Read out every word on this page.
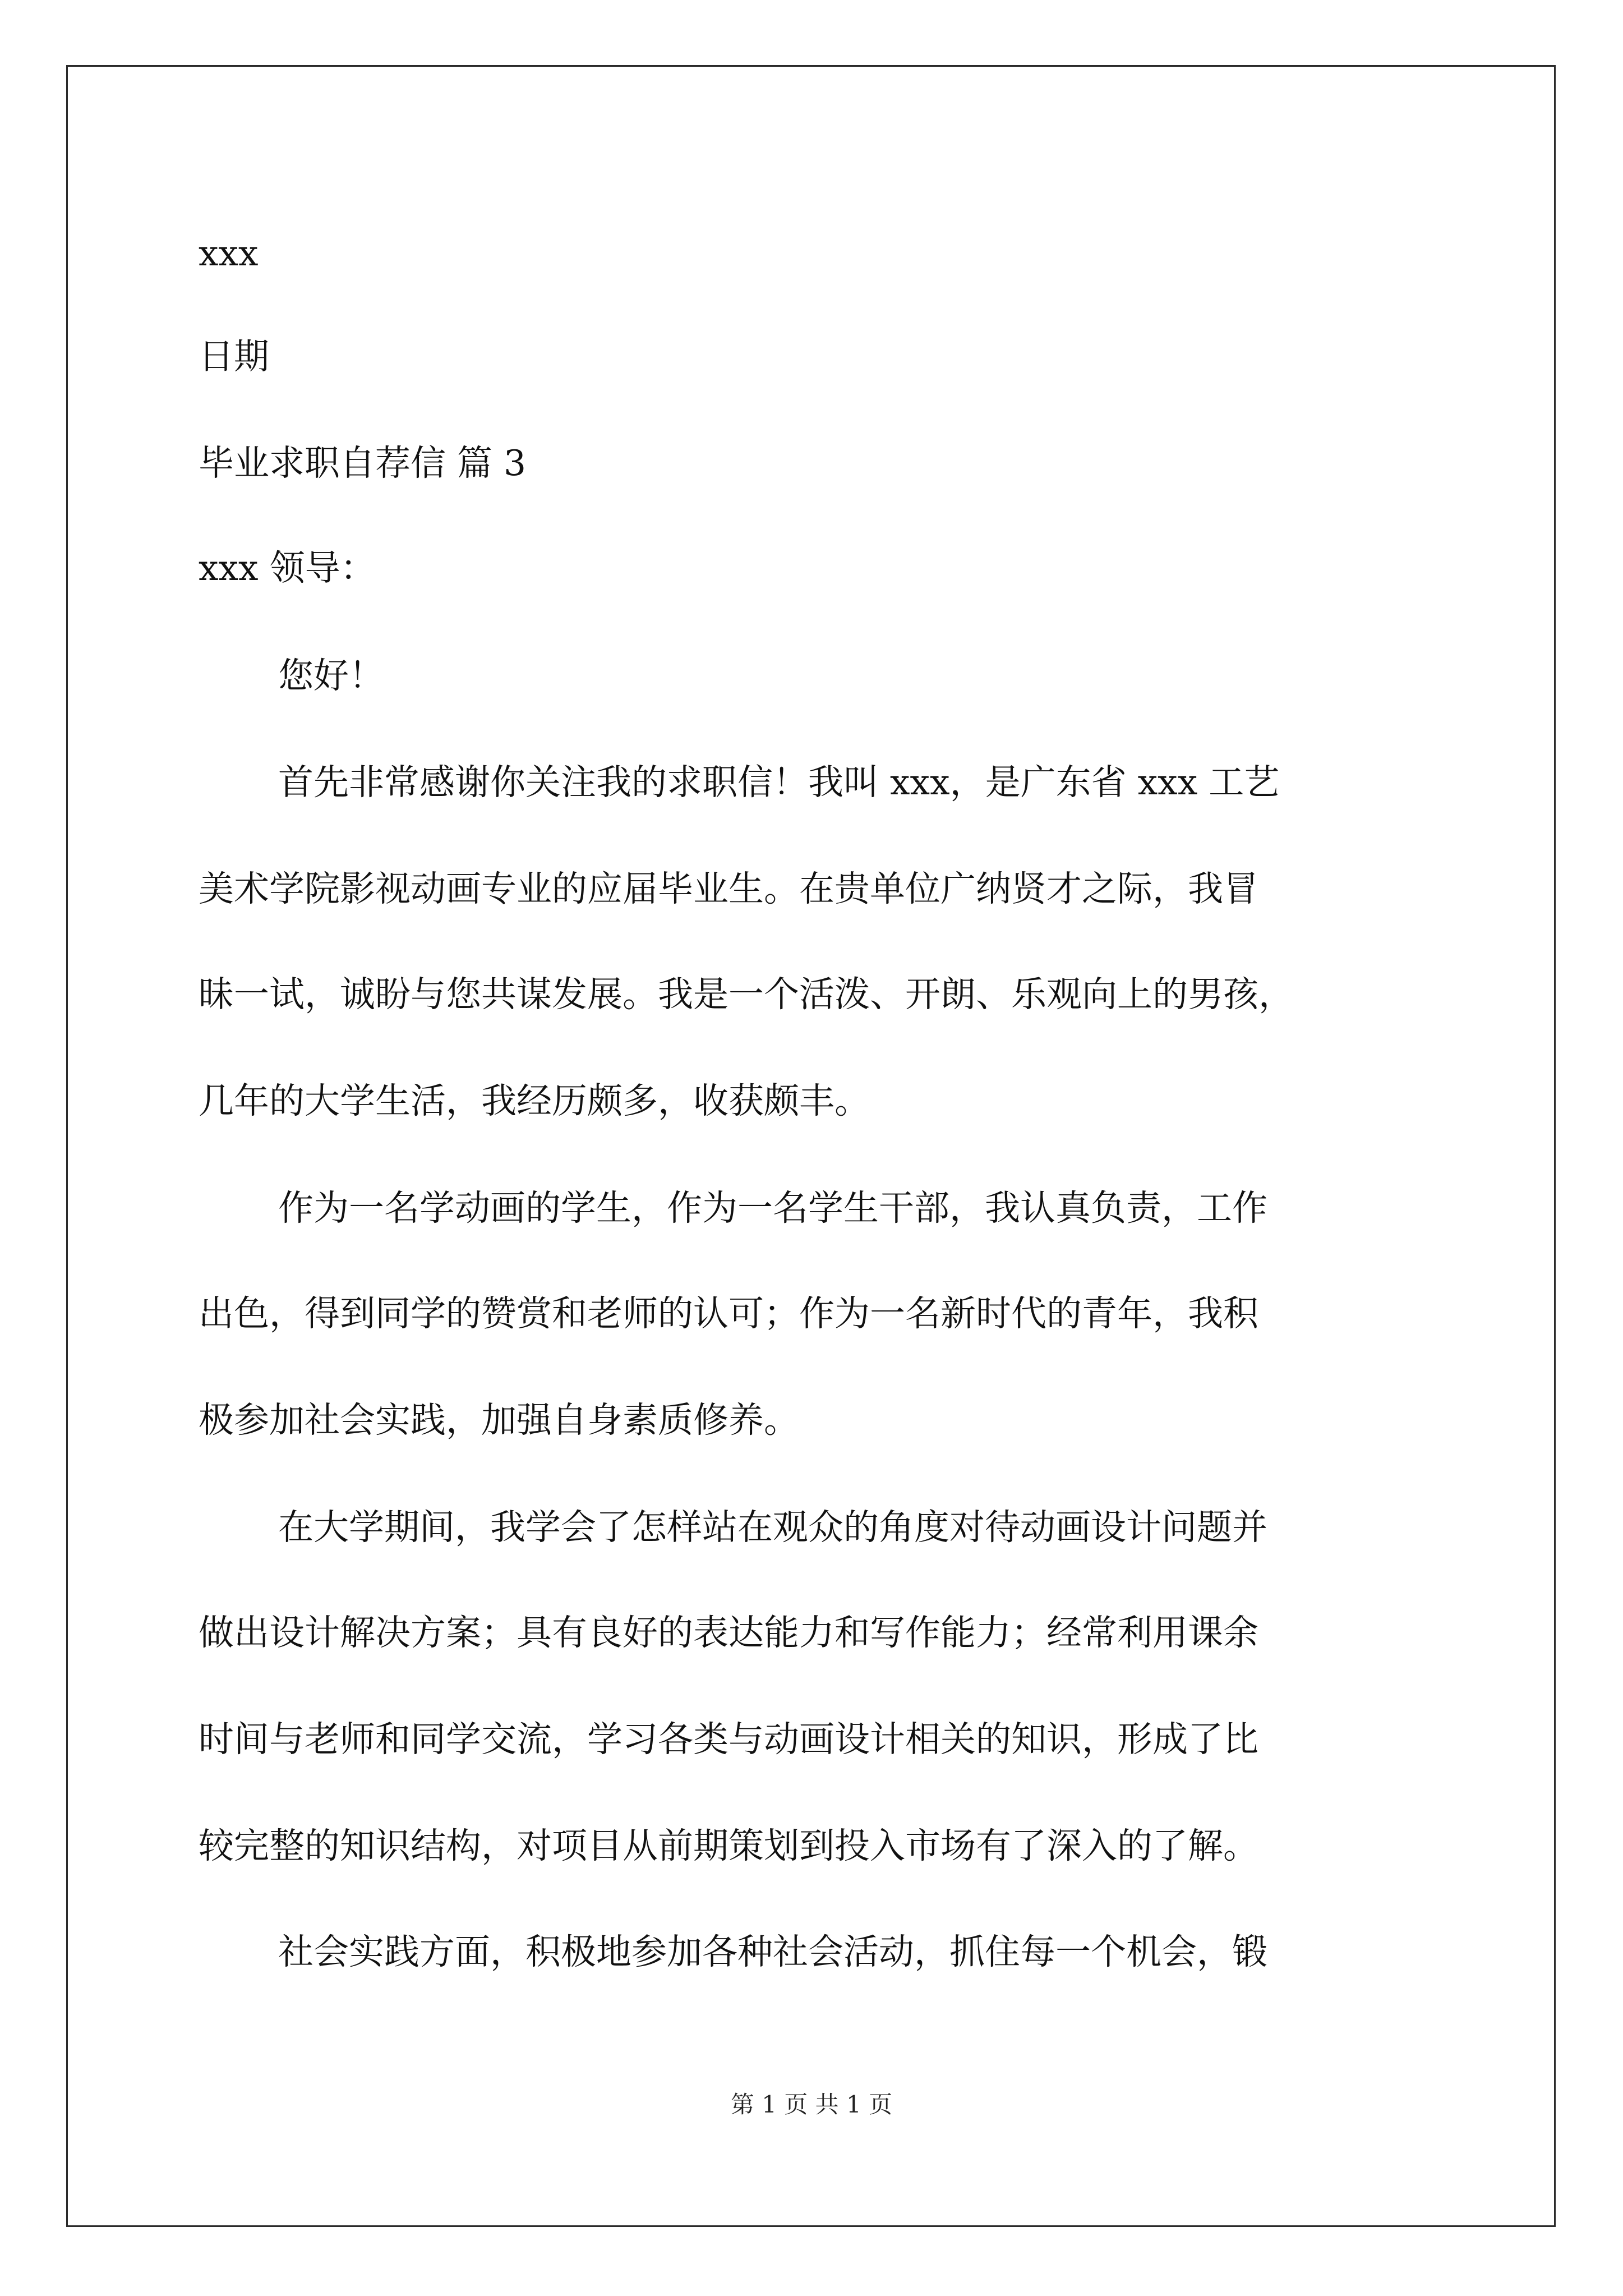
xxx
日期
毕业求职自荐信 篇 3
xxx 领导：
您好！
首先非常感谢你关注我的求职信！我叫 xxx，是广东省 xxx 工艺
美术学院影视动画专业的应届毕业生。在贵单位广纳贤才之际，我冒
昧一试，诚盼与您共谋发展。我是一个活泼、开朗、乐观向上的男孩，
几年的大学生活，我经历颇多，收获颇丰。
作为一名学动画的学生，作为一名学生干部，我认真负责，工作
出色，得到同学的赞赏和老师的认可；作为一名新时代的青年，我积
极参加社会实践，加强自身素质修养。
在大学期间，我学会了怎样站在观众的角度对待动画设计问题并
做出设计解决方案；具有良好的表达能力和写作能力；经常利用课余
时间与老师和同学交流，学习各类与动画设计相关的知识，形成了比
较完整的知识结构，对项目从前期策划到投入市场有了深入的了解。
社会实践方面，积极地参加各种社会活动，抓住每一个机会，锻
第 1 页 共 1 页
